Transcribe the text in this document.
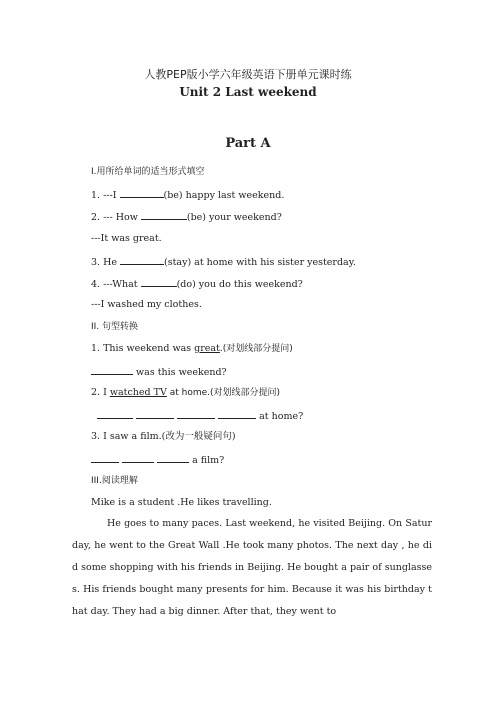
人教PEP版小学六年级英语下册单元课时练
Unit 2 Last weekend
Part A
I.用所给单词的适当形式填空
1. ---I	(be) happy last weekend.
2. --- How	(be) your weekend?
---It was great.
3. He	(stay) at home with his sister yesterday.
4. ---What	(do) you do this weekend?
---I washed my clothes.
II. 句型转换
1. This weekend was great.(对划线部分提问)
was this weekend?
2. I watched TV at home.(对划线部分提问)
at home?
3. I saw a film.(改为一般疑问句)
a film?
III.阅读理解
Mike is a student .He likes travelling.
He goes to many paces. Last weekend, he visited Beijing. On Saturday, he went to the Great Wall .He took many photos. The next day , he did some shopping with his friends in Beijing. He bought a pair of sunglasses. His friends bought many presents for him. Because it was his birthday that day. They had a big dinner. After that, they went to
